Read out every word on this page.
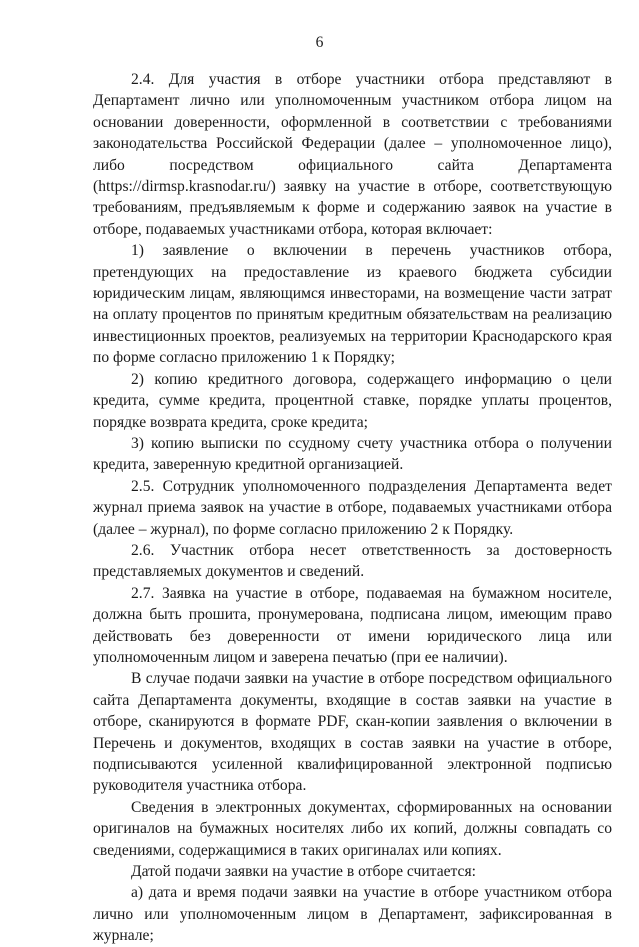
6

2.4. Для участия в отборе участники отбора представляют в Департамент лично или уполномоченным участником отбора лицом на основании доверенности, оформленной в соответствии с требованиями законодательства Российской Федерации (далее – уполномоченное лицо), либо посредством официального сайта Департамента (https://dirmsp.krasnodar.ru/) заявку на участие в отборе, соответствующую требованиям, предъявляемым к форме и содержанию заявок на участие в отборе, подаваемых участниками отбора, которая включает:

1) заявление о включении в перечень участников отбора, претендующих на предоставление из краевого бюджета субсидии юридическим лицам, являющимся инвесторами, на возмещение части затрат на оплату процентов по принятым кредитным обязательствам на реализацию инвестиционных проектов, реализуемых на территории Краснодарского края по форме согласно приложению 1 к Порядку;

2) копию кредитного договора, содержащего информацию о цели кредита, сумме кредита, процентной ставке, порядке уплаты процентов, порядке возврата кредита, сроке кредита;

3) копию выписки по ссудному счету участника отбора о получении кредита, заверенную кредитной организацией.

2.5. Сотрудник уполномоченного подразделения Департамента ведет журнал приема заявок на участие в отборе, подаваемых участниками отбора (далее – журнал), по форме согласно приложению 2 к Порядку.

2.6. Участник отбора несет ответственность за достоверность представляемых документов и сведений.

2.7. Заявка на участие в отборе, подаваемая на бумажном носителе, должна быть прошита, пронумерована, подписана лицом, имеющим право действовать без доверенности от имени юридического лица или уполномоченным лицом и заверена печатью (при ее наличии).

В случае подачи заявки на участие в отборе посредством официального сайта Департамента документы, входящие в состав заявки на участие в отборе, сканируются в формате PDF, скан-копии заявления о включении в Перечень и документов, входящих в состав заявки на участие в отборе, подписываются усиленной квалифицированной электронной подписью руководителя участника отбора.

Сведения в электронных документах, сформированных на основании оригиналов на бумажных носителях либо их копий, должны совпадать со сведениями, содержащимися в таких оригиналах или копиях.

Датой подачи заявки на участие в отборе считается:

а) дата и время подачи заявки на участие в отборе участником отбора лично или уполномоченным лицом в Департамент, зафиксированная в журнале;
